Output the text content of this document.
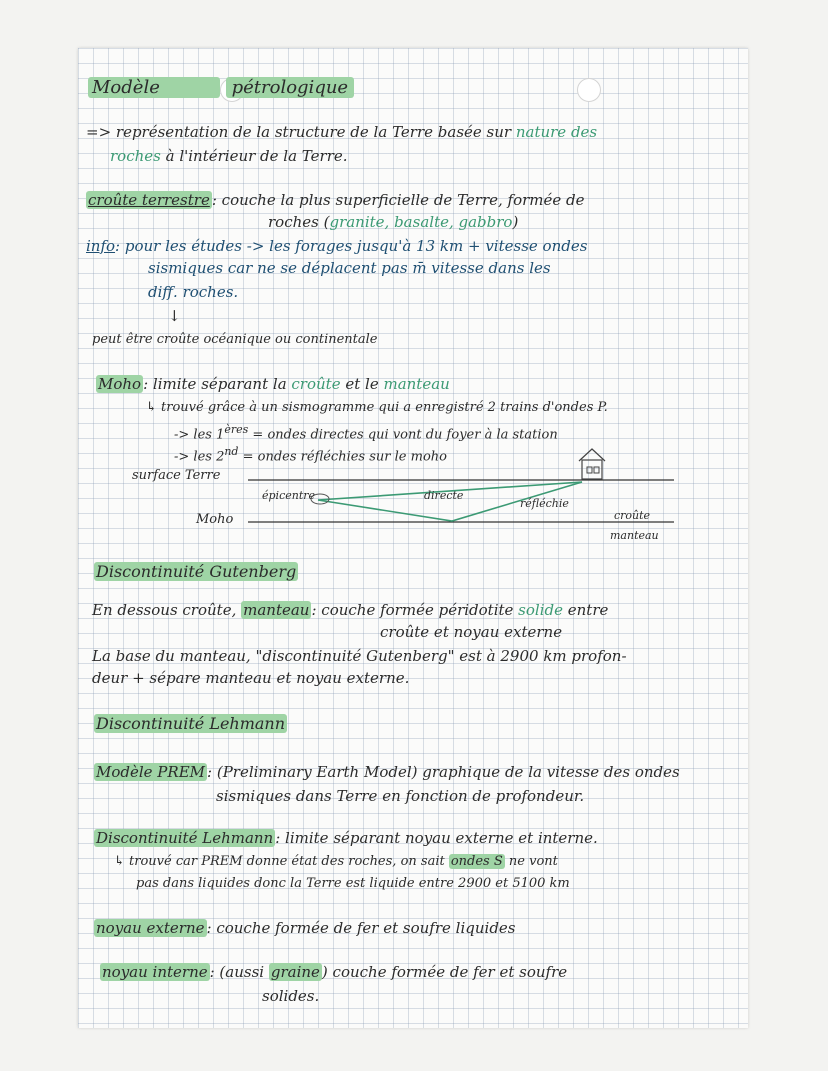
Modèle	pétrologique
=> représentation de la structure de la Terre basée sur nature des
roches à l'intérieur de la Terre.
croûte terrestre : couche la plus superficielle de Terre, formée de
roches (granite, basalte, gabbro)
info: pour les études -> les forages jusqu'à 13 km + vitesse ondes
sismiques car ne se déplacent pas m̄ vitesse dans les
diff. roches.
↓
peut être croûte océanique ou continentale
Moho : limite séparant la croûte et le manteau
↳ trouvé grâce à un sismogramme qui a enregistré 2 trains d'ondes P.
-> les 1ères = ondes directes qui vont du foyer à la station
-> les 2nd = ondes réfléchies sur le moho
surface Terre
Moho
épicentre	directe
réfléchie
croûte
manteau
Discontinuité Gutenberg
En dessous croûte, manteau : couche formée péridotite solide entre
croûte et noyau externe
La base du manteau, "discontinuité Gutenberg" est à 2900 km profon-
deur + sépare manteau et noyau externe.
Discontinuité Lehmann
Modèle PREM : (Preliminary Earth Model) graphique de la vitesse des ondes
sismiques dans Terre en fonction de profondeur.
Discontinuité Lehmann : limite séparant noyau externe et interne.
↳ trouvé car PREM donne état des roches, on sait ondes S ne vont
pas dans liquides donc la Terre est liquide entre 2900 et 5100 km
noyau externe : couche formée de fer et soufre liquides
noyau interne : (aussi graine ) couche formée de fer et soufre
solides.
